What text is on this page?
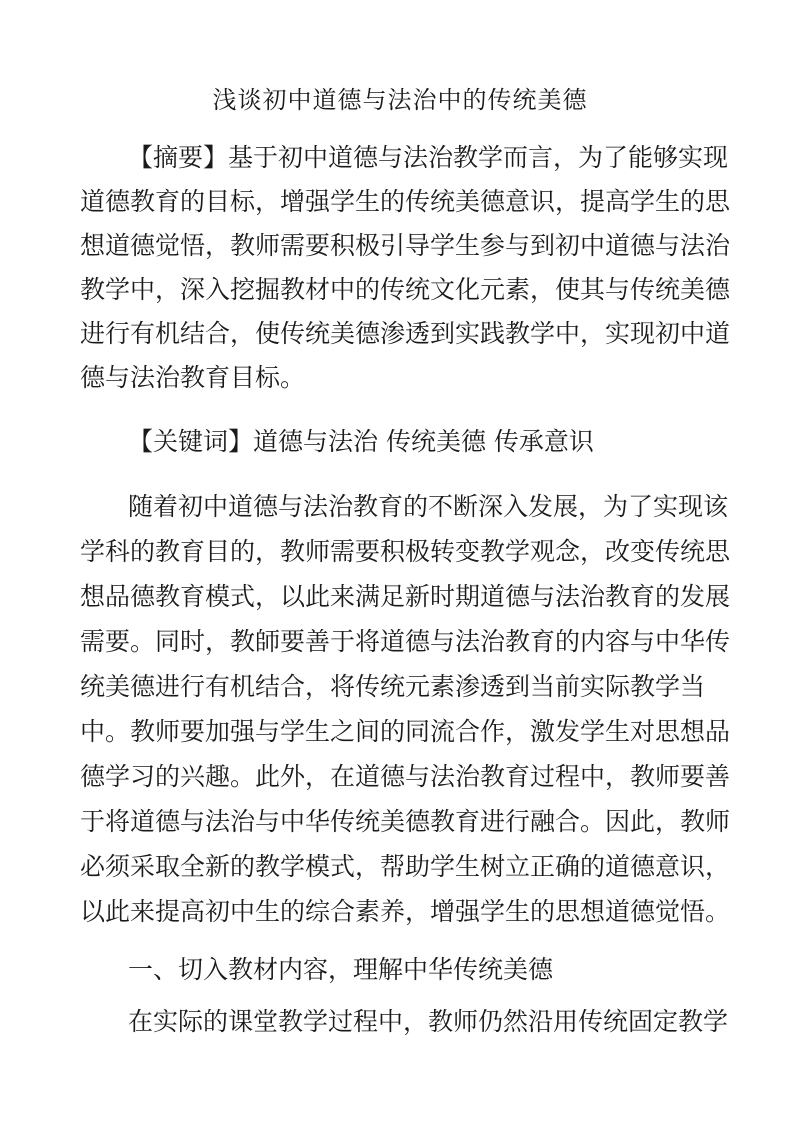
浅谈初中道德与法治中的传统美德
【摘要】基于初中道德与法治教学而言，为了能够实现
道德教育的目标，增强学生的传统美德意识，提高学生的思
想道德觉悟，教师需要积极引导学生参与到初中道德与法治
教学中，深入挖掘教材中的传统文化元素，使其与传统美德
进行有机结合，使传统美德渗透到实践教学中，实现初中道
德与法治教育目标。
【关键词】道德与法治 传统美德 传承意识
随着初中道德与法治教育的不断深入发展，为了实现该
学科的教育目的，教师需要积极转变教学观念，改变传统思
想品德教育模式，以此来满足新时期道德与法治教育的发展
需要。同时，教師要善于将道德与法治教育的内容与中华传
统美德进行有机结合，将传统元素渗透到当前实际教学当
中。教师要加强与学生之间的同流合作，激发学生对思想品
德学习的兴趣。此外，在道德与法治教育过程中，教师要善
于将道德与法治与中华传统美德教育进行融合。因此，教师
必须采取全新的教学模式，帮助学生树立正确的道德意识，
以此来提高初中生的综合素养，增强学生的思想道德觉悟。
一、切入教材内容，理解中华传统美德
在实际的课堂教学过程中，教师仍然沿用传统固定教学
